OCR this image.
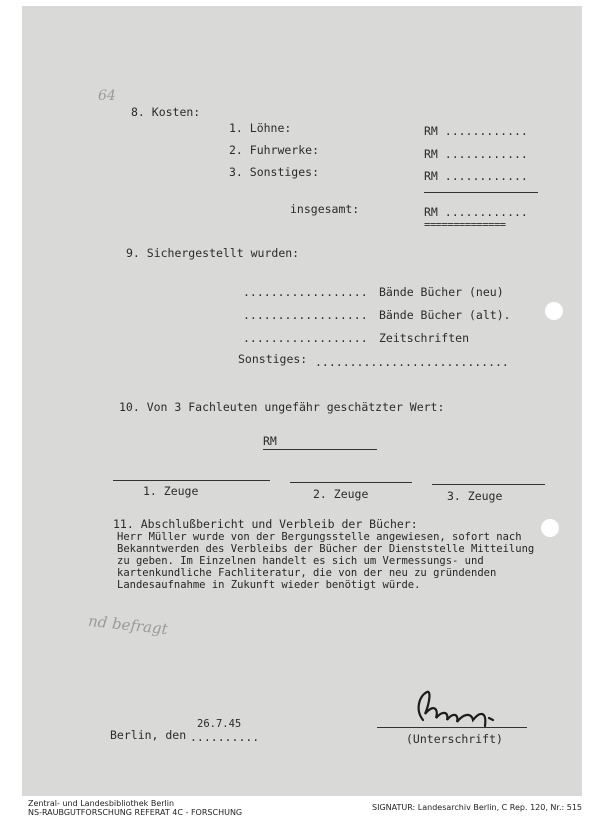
64
8. Kosten:
1. Löhne:	RM ............
2. Fuhrwerke:	RM ............
3. Sonstiges:	RM ............
insgesamt:	RM ............
==============
9. Sichergestellt wurden:
.................. Bände Bücher (neu)
.................. Bände Bücher (alt).
.................. Zeitschriften
Sonstiges: ............................
10. Von 3 Fachleuten ungefähr geschätzter Wert:
RM
1. Zeuge	2. Zeuge	3. Zeuge
11. Abschlußbericht und Verbleib der Bücher:
Herr Müller wurde von der Bergungsstelle angewiesen, sofort nach Bekanntwerden des Verbleibs der Bücher der Dienststelle Mitteilung zu geben. Im Einzelnen handelt es sich um Vermessungs- und kartenkundliche Fachliteratur, die von der neu zu gründenden Landesaufnahme in Zukunft wieder benötigt würde.
nd befragt
26.7.45
Berlin, den ..........	(Unterschrift)
Zentral- und Landesbibliothek Berlin
NS-RAUBGUTFORSCHUNG REFERAT 4C - FORSCHUNG
SIGNATUR: Landesarchiv Berlin, C Rep. 120, Nr.: 515
